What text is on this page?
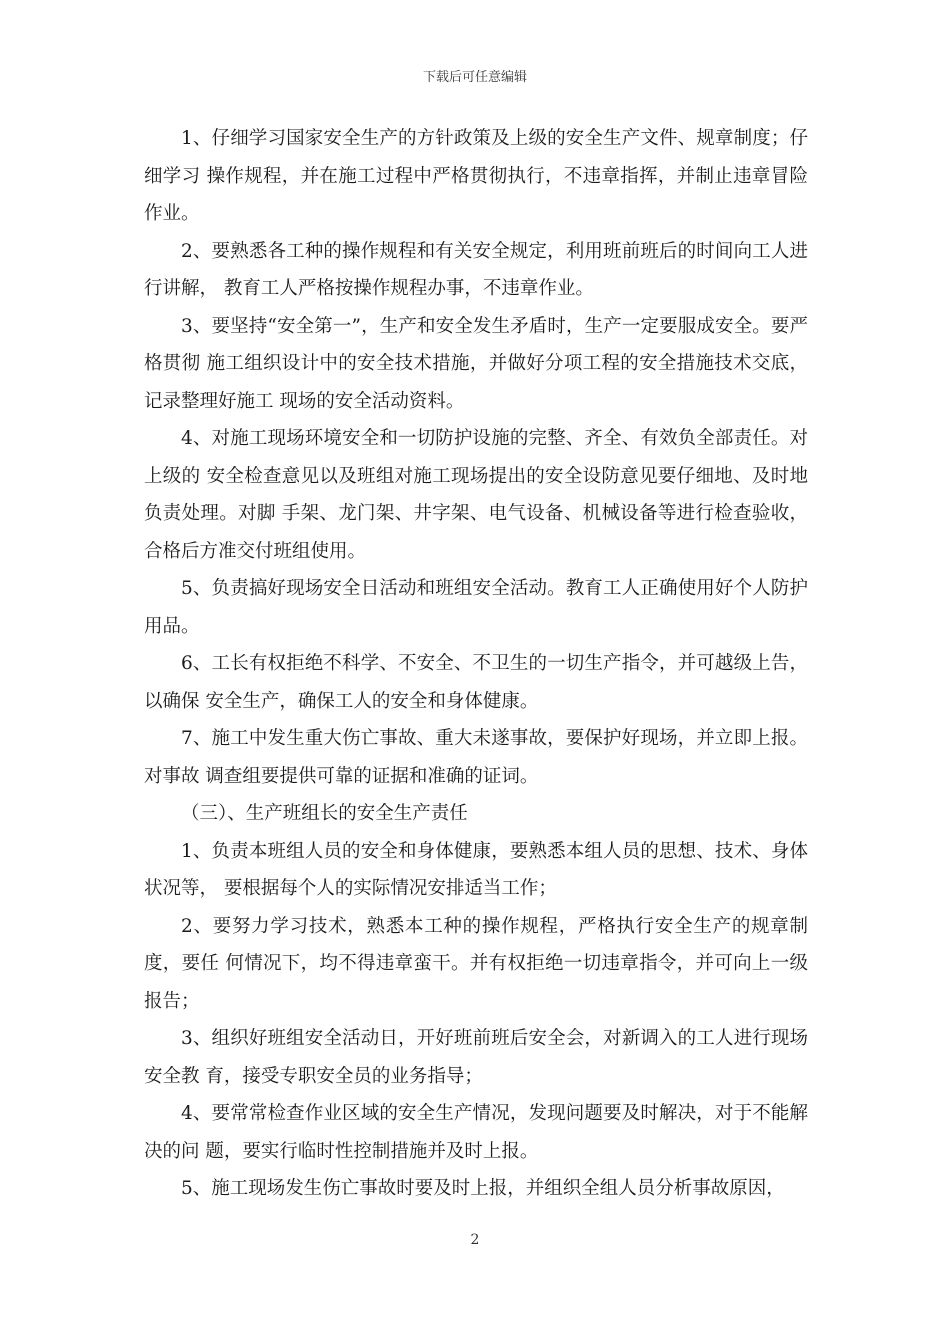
下载后可任意编辑

1、仔细学习国家安全生产的方针政策及上级的安全生产文件、规章制度；仔细学习 操作规程，并在施工过程中严格贯彻执行，不违章指挥，并制止违章冒险作业。

2、要熟悉各工种的操作规程和有关安全规定，利用班前班后的时间向工人进行讲解， 教育工人严格按操作规程办事，不违章作业。

3、要坚持“安全第一”，生产和安全发生矛盾时，生产一定要服成安全。要严格贯彻 施工组织设计中的安全技术措施，并做好分项工程的安全措施技术交底，记录整理好施工 现场的安全活动资料。

4、对施工现场环境安全和一切防护设施的完整、齐全、有效负全部责任。对上级的 安全检查意见以及班组对施工现场提出的安全设防意见要仔细地、及时地负责处理。对脚 手架、龙门架、井字架、电气设备、机械设备等进行检查验收，合格后方准交付班组使用。

5、负责搞好现场安全日活动和班组安全活动。教育工人正确使用好个人防护用品。

6、工长有权拒绝不科学、不安全、不卫生的一切生产指令，并可越级上告，以确保 安全生产，确保工人的安全和身体健康。

7、施工中发生重大伤亡事故、重大未遂事故，要保护好现场，并立即上报。对事故 调查组要提供可靠的证据和准确的证词。

（三）、生产班组长的安全生产责任

1、负责本班组人员的安全和身体健康，要熟悉本组人员的思想、技术、身体状况等， 要根据每个人的实际情况安排适当工作；

2、要努力学习技术，熟悉本工种的操作规程，严格执行安全生产的规章制度，要任 何情况下，均不得违章蛮干。并有权拒绝一切违章指令，并可向上一级报告；

3、组织好班组安全活动日，开好班前班后安全会，对新调入的工人进行现场安全教 育，接受专职安全员的业务指导；

4、要常常检查作业区域的安全生产情况，发现问题要及时解决，对于不能解决的问 题，要实行临时性控制措施并及时上报。

5、施工现场发生伤亡事故时要及时上报，并组织全组人员分析事故原因，

2
